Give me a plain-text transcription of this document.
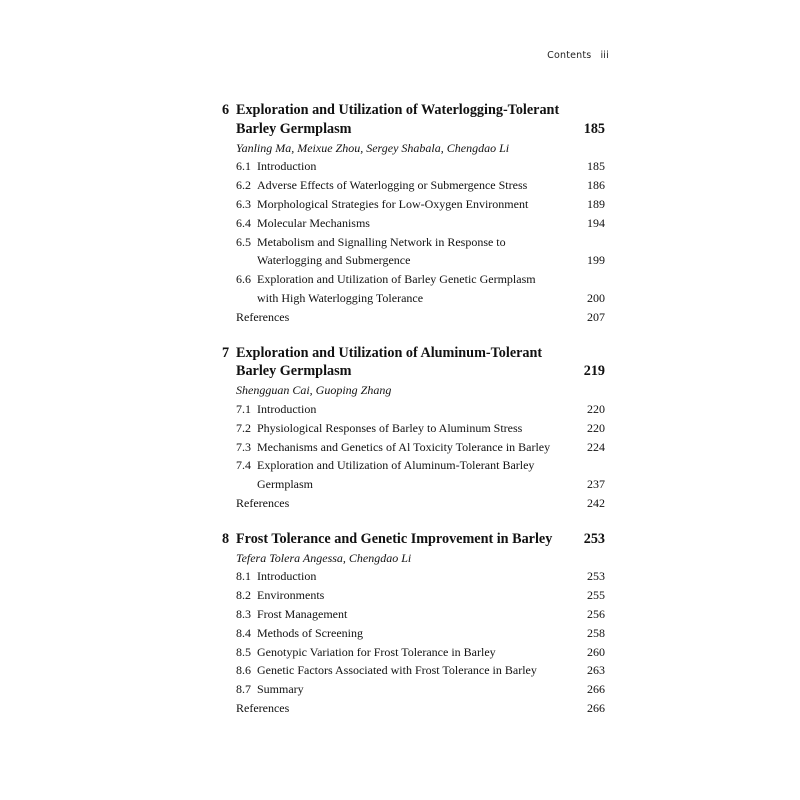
Contents iii
6 Exploration and Utilization of Waterlogging-Tolerant
Barley Germplasm	185
Yanling Ma, Meixue Zhou, Sergey Shabala, Chengdao Li
6.1 Introduction	185
6.2 Adverse Effects of Waterlogging or Submergence Stress	186
6.3 Morphological Strategies for Low-Oxygen Environment	189
6.4 Molecular Mechanisms	194
6.5 Metabolism and Signalling Network in Response to
Waterlogging and Submergence	199
6.6 Exploration and Utilization of Barley Genetic Germplasm
with High Waterlogging Tolerance	200
References	207
7 Exploration and Utilization of Aluminum-Tolerant
Barley Germplasm	219
Shengguan Cai, Guoping Zhang
7.1 Introduction	220
7.2 Physiological Responses of Barley to Aluminum Stress	220
7.3 Mechanisms and Genetics of Al Toxicity Tolerance in Barley	224
7.4 Exploration and Utilization of Aluminum-Tolerant Barley
Germplasm	237
References	242
8 Frost Tolerance and Genetic Improvement in Barley 253
Tefera Tolera Angessa, Chengdao Li
8.1 Introduction	253
8.2 Environments	255
8.3 Frost Management	256
8.4 Methods of Screening	258
8.5 Genotypic Variation for Frost Tolerance in Barley	260
8.6 Genetic Factors Associated with Frost Tolerance in Barley	263
8.7 Summary	266
References	266
